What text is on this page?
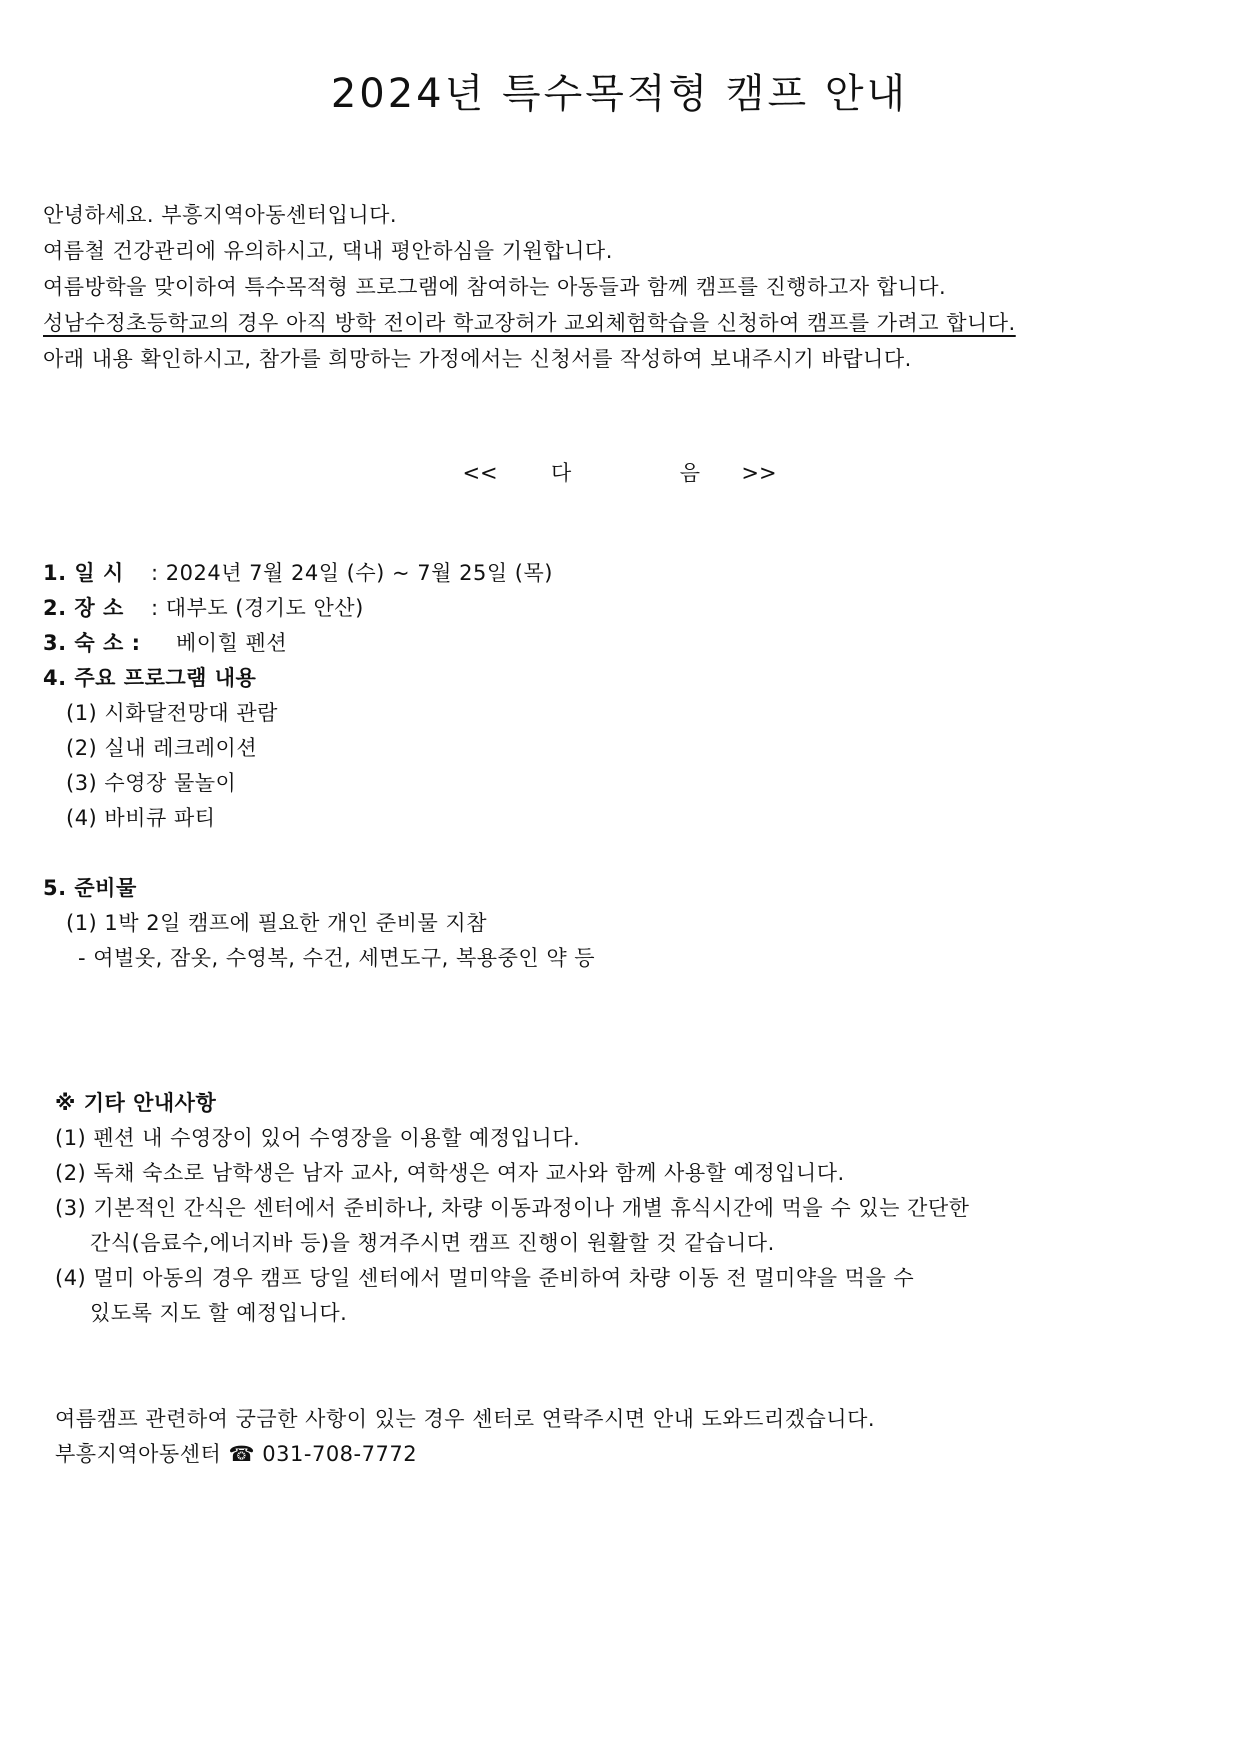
2024년 특수목적형 캠프 안내
안녕하세요. 부흥지역아동센터입니다.
여름철 건강관리에 유의하시고, 댁내 평안하심을 기원합니다.
여름방학을 맞이하여 특수목적형 프로그램에 참여하는 아동들과 함께 캠프를 진행하고자 합니다.
성남수정초등학교의 경우 아직 방학 전이라 학교장허가 교외체험학습을 신청하여 캠프를 가려고 합니다.
아래 내용 확인하시고, 참가를 희망하는 가정에서는 신청서를 작성하여 보내주시기 바랍니다.
<<	다	음 >>
1. 일 시 : 2024년 7월 24일 (수) ~ 7월 25일 (목)
2. 장 소 : 대부도 (경기도 안산)
3. 숙 소 : 베이힐 펜션
4. 주요 프로그램 내용
(1) 시화달전망대 관람
(2) 실내 레크레이션
(3) 수영장 물놀이
(4) 바비큐 파티
5. 준비물
(1) 1박 2일 캠프에 필요한 개인 준비물 지참
- 여벌옷, 잠옷, 수영복, 수건, 세면도구, 복용중인 약 등
※ 기타 안내사항
(1) 펜션 내 수영장이 있어 수영장을 이용할 예정입니다.
(2) 독채 숙소로 남학생은 남자 교사, 여학생은 여자 교사와 함께 사용할 예정입니다.
(3) 기본적인 간식은 센터에서 준비하나, 차량 이동과정이나 개별 휴식시간에 먹을 수 있는 간단한
간식(음료수,에너지바 등)을 챙겨주시면 캠프 진행이 원활할 것 같습니다.
(4) 멀미 아동의 경우 캠프 당일 센터에서 멀미약을 준비하여 차량 이동 전 멀미약을 먹을 수
있도록 지도 할 예정입니다.
여름캠프 관련하여 궁금한 사항이 있는 경우 센터로 연락주시면 안내 도와드리겠습니다.
부흥지역아동센터 ☎ 031-708-7772
